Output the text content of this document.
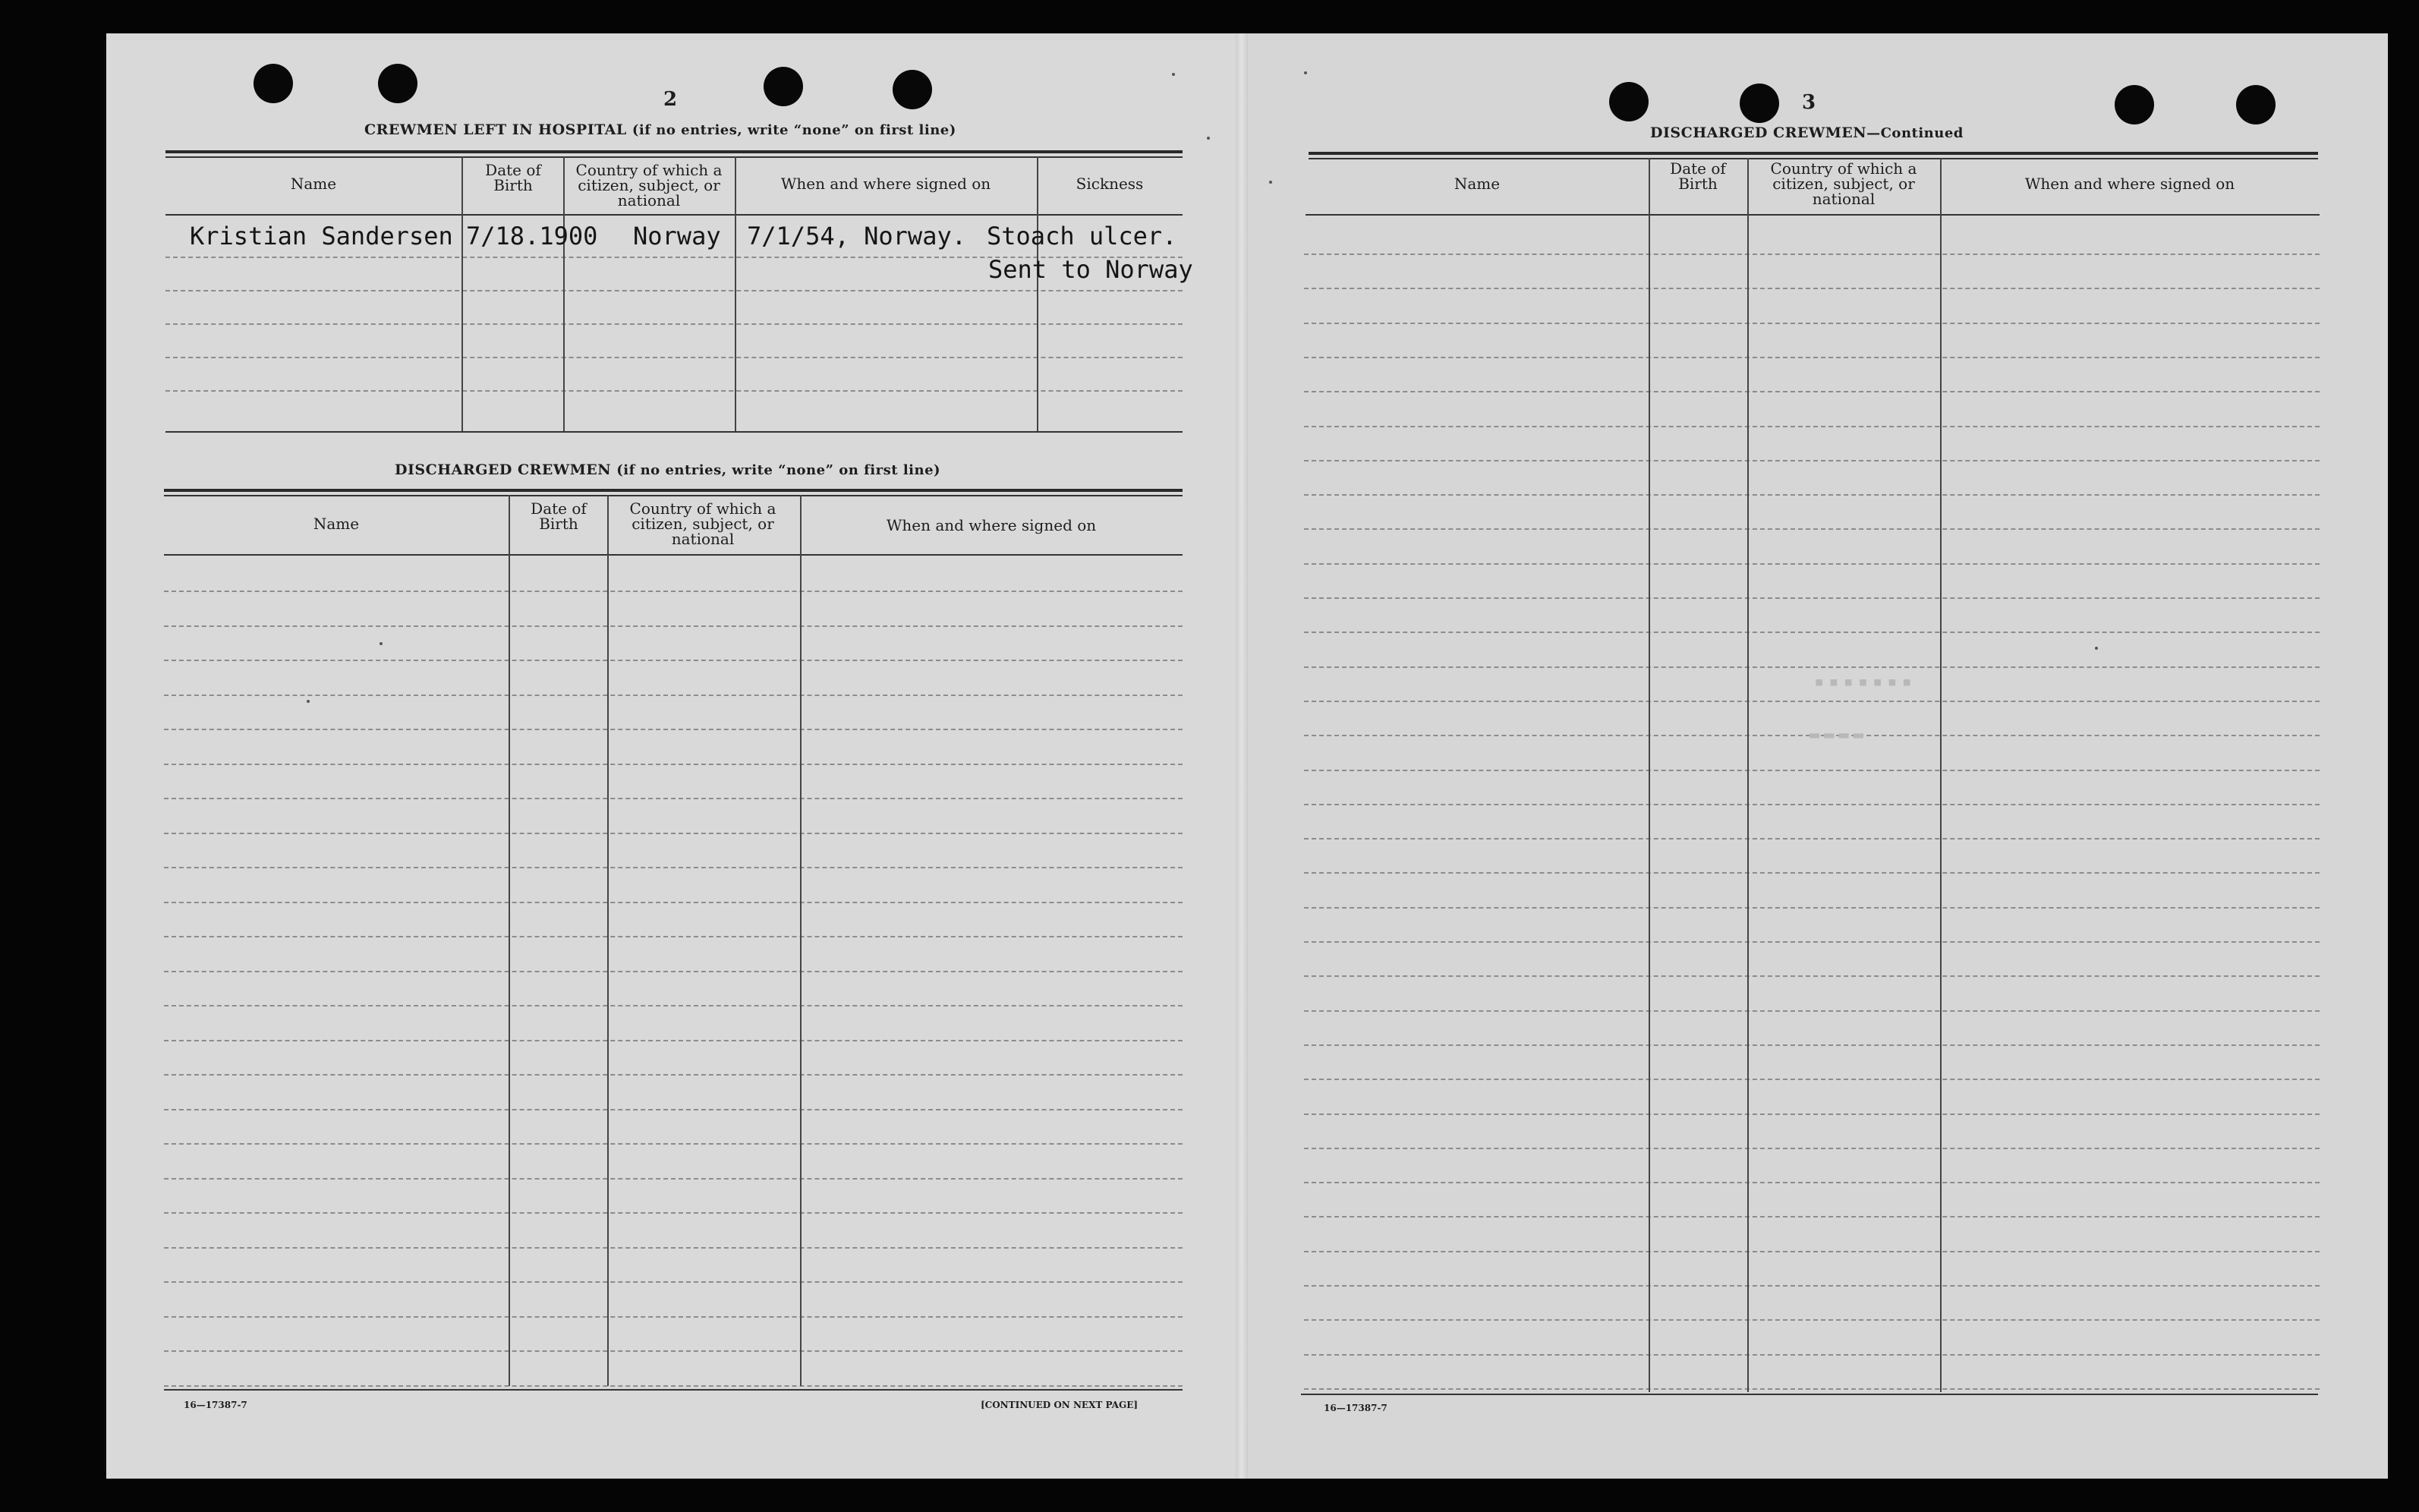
2
CREWMEN LEFT IN HOSPITAL (if no entries, write “none” on first line)
Name
Date of Birth
Country of which a citizen, subject, or national
When and where signed on	Sickness
Kristian Sandersen 7/18.1900 Norway 7/1/54, Norway. Stoach ulcer.
Sent to Norway
DISCHARGED CREWMEN (if no entries, write “none” on first line)
Name
Date of Birth
Country of which a citizen, subject, or national
When and where signed on
16—17387-7	[CONTINUED ON NEXT PAGE]
3
DISCHARGED CREWMEN—Continued
Name
Date of Birth
Country of which a citizen, subject, or national
When and where signed on
16—17387-7
▪▪▪▪▪▪▪
▬▬▬▬
